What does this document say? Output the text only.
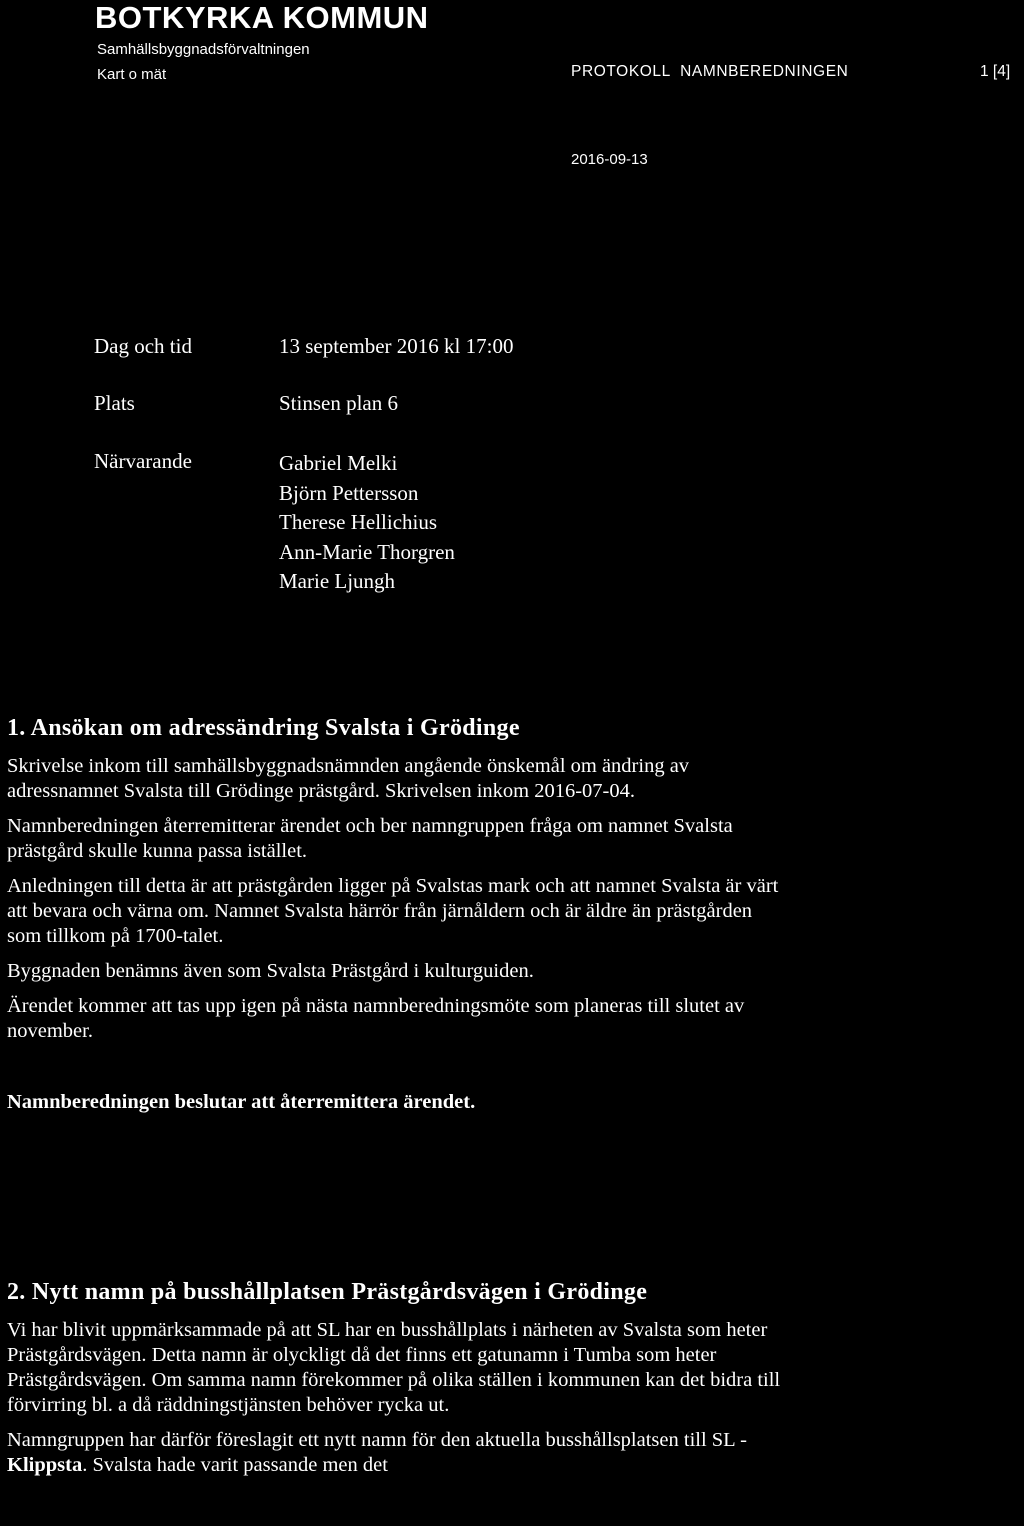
BOTKYRKA KOMMUN
Samhällsbyggnadsförvaltningen
Kart o mät	PROTOKOLL  NAMNBEREDNINGEN	1 [4]
2016-09-13
Dag och tid	13 september 2016 kl 17:00
Plats	Stinsen plan 6
Närvarande	Gabriel Melki
Björn Pettersson
Therese Hellichius
Ann-Marie Thorgren
Marie Ljungh
1. Ansökan om adressändring Svalsta i Grödinge

Skrivelse inkom till samhällsbyggnadsnämnden angående önskemål om ändring av adressnamnet Svalsta till Grödinge prästgård. Skrivelsen inkom 2016-07-04.

Namnberedningen återremitterar ärendet och ber namngruppen fråga om namnet Svalsta prästgård skulle kunna passa istället.

Anledningen till detta är att prästgården ligger på Svalstas mark och att namnet Svalsta är värt att bevara och värna om. Namnet Svalsta härrör från järnåldern och är äldre än prästgården som tillkom på 1700-talet.

Byggnaden benämns även som Svalsta Prästgård i kulturguiden.

Ärendet kommer att tas upp igen på nästa namnberedningsmöte som planeras till slutet av november.

Namnberedningen beslutar att återremittera ärendet.

2. Nytt namn på busshållplatsen Prästgårdsvägen i Grödinge

Vi har blivit uppmärksammade på att SL har en busshållplats i närheten av Svalsta som heter Prästgårdsvägen. Detta namn är olyckligt då det finns ett gatunamn i Tumba som heter Prästgårdsvägen. Om samma namn förekommer på olika ställen i kommunen kan det bidra till förvirring bl. a då räddningstjänsten behöver rycka ut.

Namngruppen har därför föreslagit ett nytt namn för den aktuella busshållsplatsen till SL - Klippsta. Svalsta hade varit passande men det
